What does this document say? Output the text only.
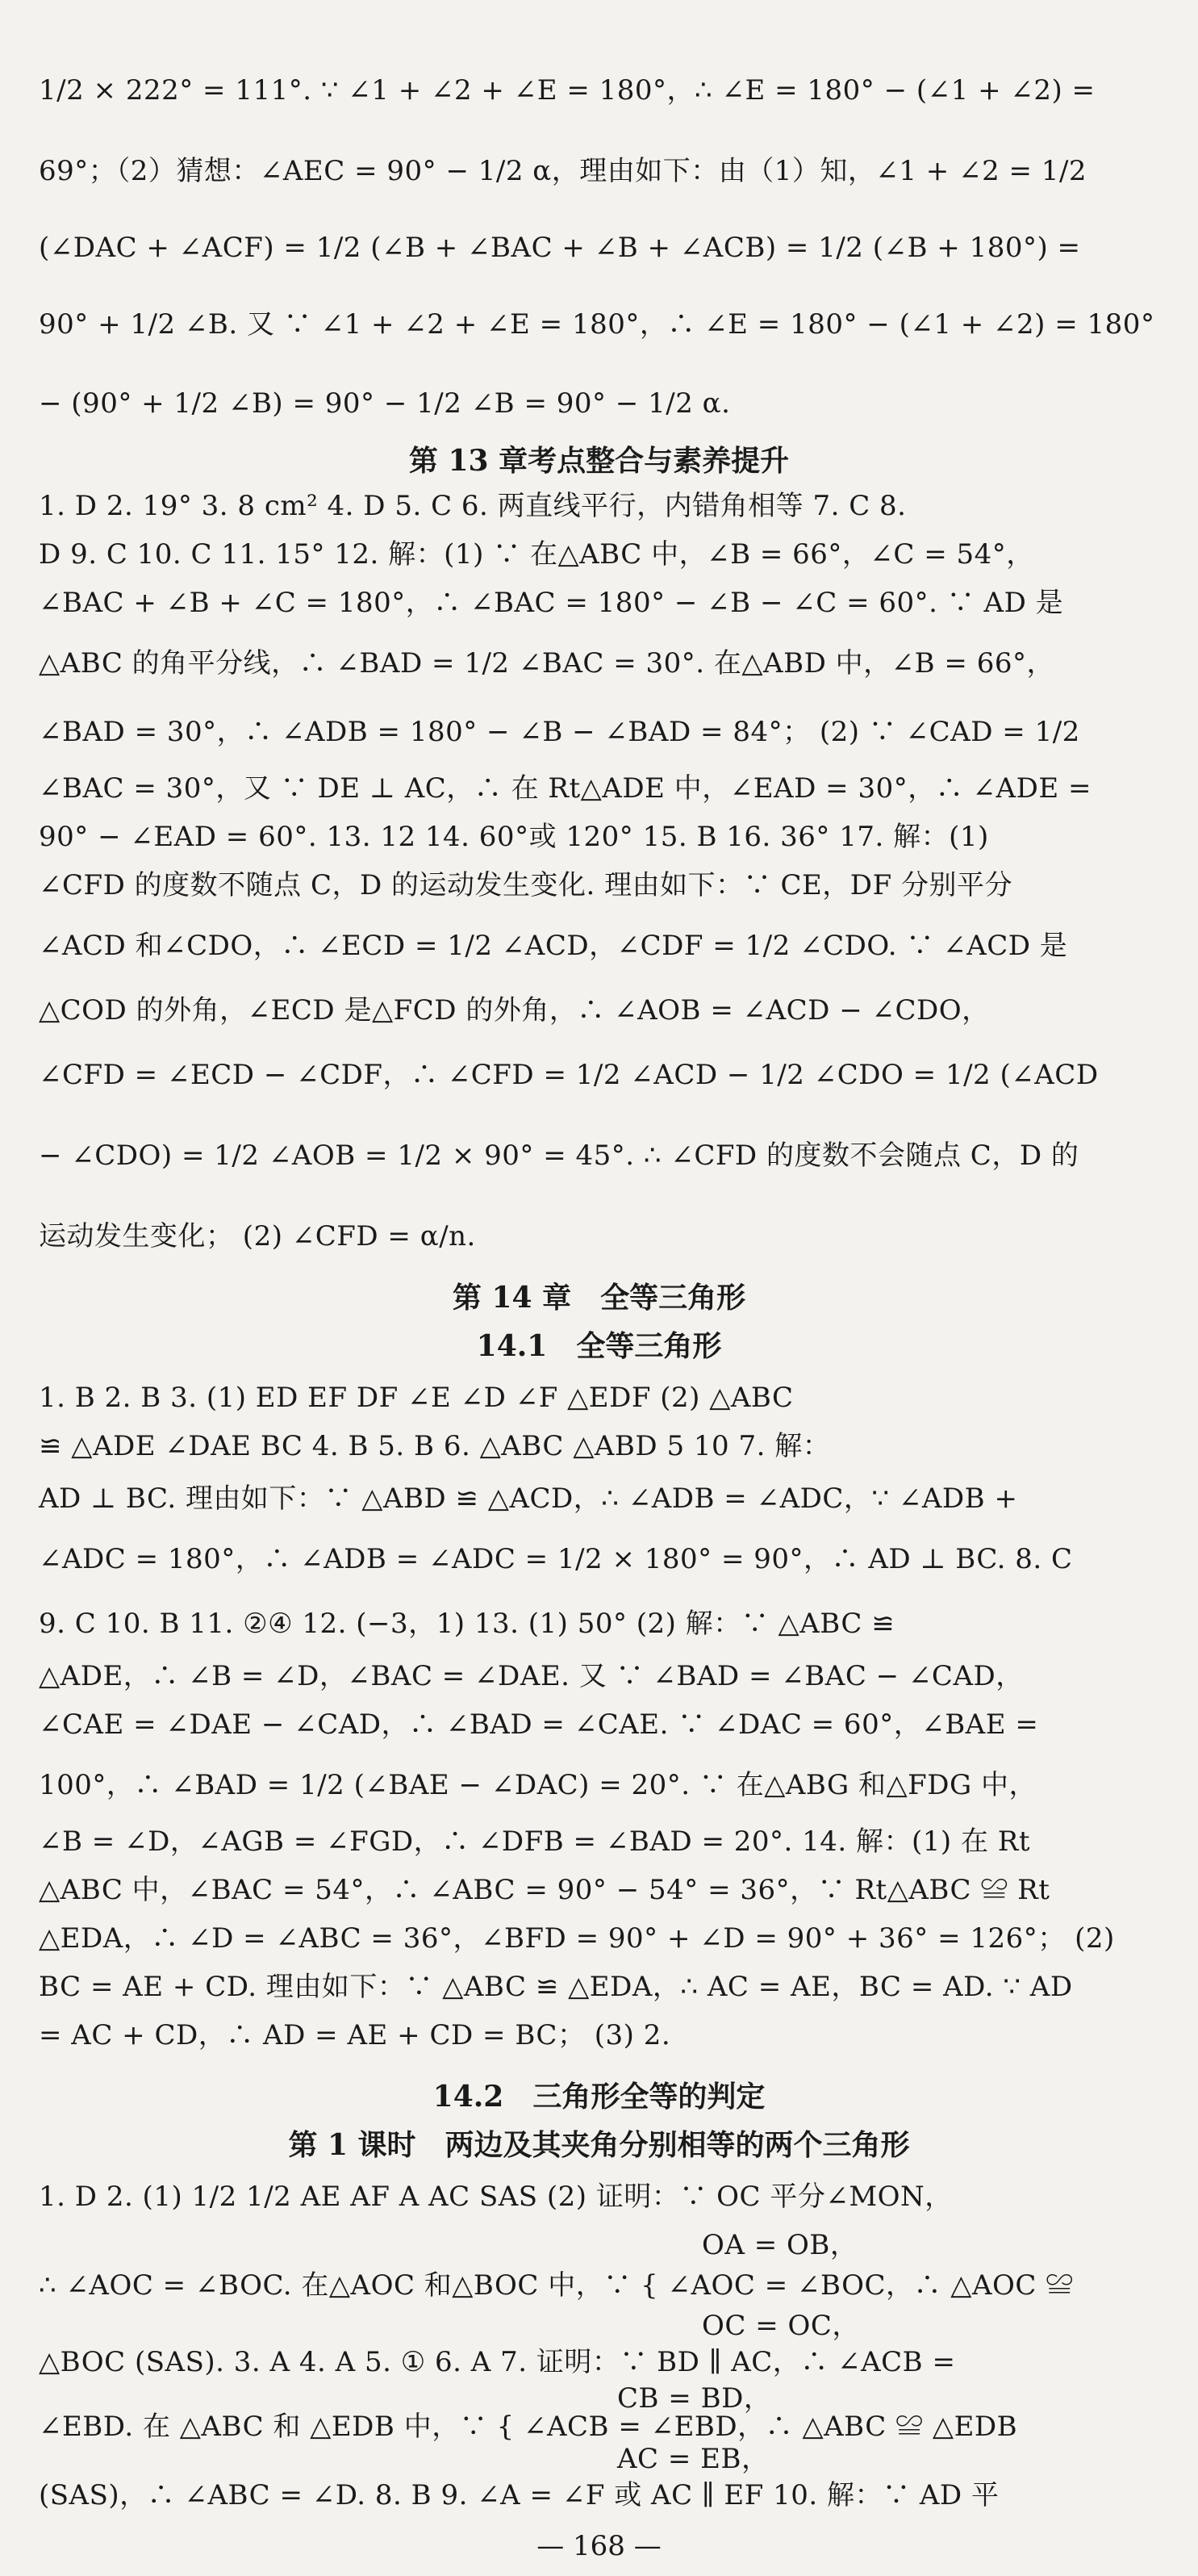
1/2 × 222° = 111°. ∵ ∠1 + ∠2 + ∠E = 180°，∴ ∠E = 180° − (∠1 + ∠2) =
69°；（2）猜想：∠AEC = 90° − 1/2 α，理由如下：由（1）知，∠1 + ∠2 = 1/2
(∠DAC + ∠ACF) = 1/2 (∠B + ∠BAC + ∠B + ∠ACB) = 1/2 (∠B + 180°) =
90° + 1/2 ∠B. 又 ∵ ∠1 + ∠2 + ∠E = 180°，∴ ∠E = 180° − (∠1 + ∠2) = 180°
− (90° + 1/2 ∠B) = 90° − 1/2 ∠B = 90° − 1/2 α.
第 13 章考点整合与素养提升
1. D 2. 19° 3. 8 cm² 4. D 5. C 6. 两直线平行，内错角相等 7. C 8.
D 9. C 10. C 11. 15° 12. 解：(1) ∵ 在△ABC 中，∠B = 66°，∠C = 54°，
∠BAC + ∠B + ∠C = 180°，∴ ∠BAC = 180° − ∠B − ∠C = 60°. ∵ AD 是
△ABC 的角平分线，∴ ∠BAD = 1/2 ∠BAC = 30°. 在△ABD 中，∠B = 66°，
∠BAD = 30°，∴ ∠ADB = 180° − ∠B − ∠BAD = 84°； (2) ∵ ∠CAD = 1/2
∠BAC = 30°，又 ∵ DE ⊥ AC，∴ 在 Rt△ADE 中，∠EAD = 30°，∴ ∠ADE =
90° − ∠EAD = 60°. 13. 12 14. 60°或 120° 15. B 16. 36° 17. 解：(1)
∠CFD 的度数不随点 C，D 的运动发生变化. 理由如下：∵ CE，DF 分别平分
∠ACD 和∠CDO，∴ ∠ECD = 1/2 ∠ACD，∠CDF = 1/2 ∠CDO. ∵ ∠ACD 是
△COD 的外角，∠ECD 是△FCD 的外角，∴ ∠AOB = ∠ACD − ∠CDO，
∠CFD = ∠ECD − ∠CDF，∴ ∠CFD = 1/2 ∠ACD − 1/2 ∠CDO = 1/2 (∠ACD
− ∠CDO) = 1/2 ∠AOB = 1/2 × 90° = 45°. ∴ ∠CFD 的度数不会随点 C，D 的
运动发生变化； (2) ∠CFD = α/n.
第 14 章　全等三角形
14.1　全等三角形
1. B 2. B 3. (1) ED EF DF ∠E ∠D ∠F △EDF (2) △ABC
≌ △ADE ∠DAE BC 4. B 5. B 6. △ABC △ABD 5 10 7. 解：
AD ⊥ BC. 理由如下：∵ △ABD ≌ △ACD，∴ ∠ADB = ∠ADC，∵ ∠ADB +
∠ADC = 180°，∴ ∠ADB = ∠ADC = 1/2 × 180° = 90°，∴ AD ⊥ BC. 8. C
9. C 10. B 11. ②④ 12. (−3，1) 13. (1) 50° (2) 解：∵ △ABC ≌
△ADE，∴ ∠B = ∠D，∠BAC = ∠DAE. 又 ∵ ∠BAD = ∠BAC − ∠CAD，
∠CAE = ∠DAE − ∠CAD，∴ ∠BAD = ∠CAE. ∵ ∠DAC = 60°，∠BAE =
100°，∴ ∠BAD = 1/2 (∠BAE − ∠DAC) = 20°. ∵ 在△ABG 和△FDG 中，
∠B = ∠D，∠AGB = ∠FGD，∴ ∠DFB = ∠BAD = 20°. 14. 解：(1) 在 Rt
△ABC 中，∠BAC = 54°，∴ ∠ABC = 90° − 54° = 36°，∵ Rt△ABC ≌ Rt
△EDA，∴ ∠D = ∠ABC = 36°，∠BFD = 90° + ∠D = 90° + 36° = 126°； (2)
BC = AE + CD. 理由如下：∵ △ABC ≌ △EDA，∴ AC = AE，BC = AD. ∵ AD
= AC + CD，∴ AD = AE + CD = BC； (3) 2.
14.2　三角形全等的判定
第 1 课时　两边及其夹角分别相等的两个三角形
1. D 2. (1) 1/2 1/2 AE AF A AC SAS (2) 证明：∵ OC 平分∠MON，
OA = OB，
∴ ∠AOC = ∠BOC. 在△AOC 和△BOC 中，∵ { ∠AOC = ∠BOC，∴ △AOC ≌
OC = OC，
△BOC (SAS). 3. A 4. A 5. ① 6. A 7. 证明：∵ BD ∥ AC，∴ ∠ACB =
CB = BD，
∠EBD. 在 △ABC 和 △EDB 中，∵ { ∠ACB = ∠EBD，∴ △ABC ≌ △EDB
AC = EB，
(SAS)，∴ ∠ABC = ∠D. 8. B 9. ∠A = ∠F 或 AC ∥ EF 10. 解：∵ AD 平
— 168 —
